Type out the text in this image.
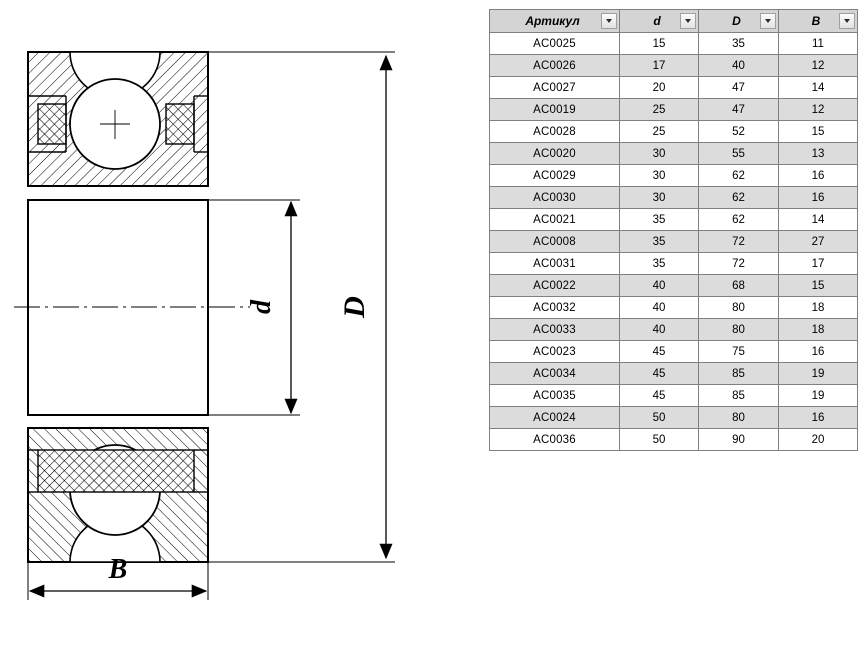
B
d D
Артикул	d	D	B

AC0025	15	35	11
AC0026	17	40	12
AC0027	20	47	14
AC0019	25	47	12
AC0028	25	52	15
AC0020	30	55	13
AC0029	30	62	16
AC0030	30	62	16
AC0021	35	62	14
AC0008	35	72	27
AC0031	35	72	17
AC0022	40	68	15
AC0032	40	80	18
AC0033	40	80	18
AC0023	45	75	16
AC0034	45	85	19
AC0035	45	85	19
AC0024	50	80	16
AC0036	50	90	20
